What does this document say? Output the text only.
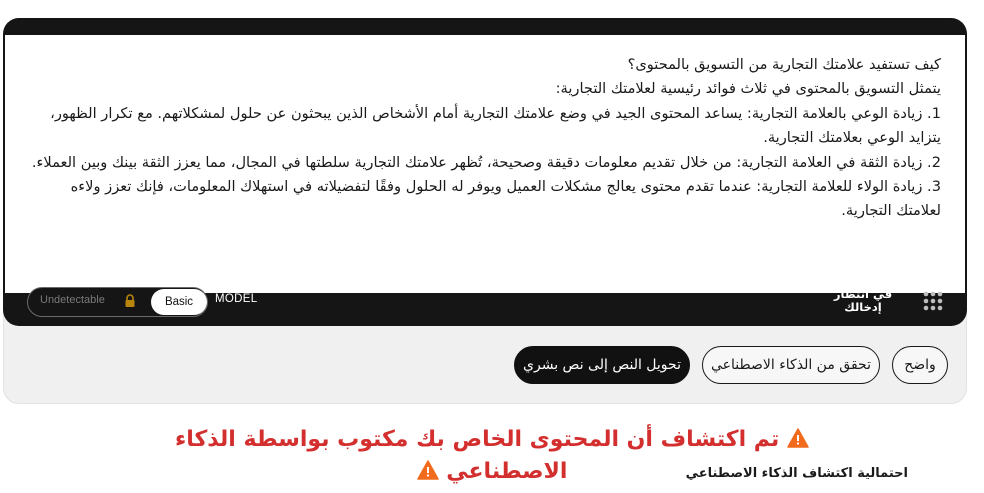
كيف تستفيد علامتك التجارية من التسويق بالمحتوى؟

يتمثل التسويق بالمحتوى في ثلاث فوائد رئيسية لعلامتك التجارية:

1. زيادة الوعي بالعلامة التجارية: يساعد المحتوى الجيد في وضع علامتك التجارية أمام الأشخاص الذين يبحثون عن حلول لمشكلاتهم. مع تكرار الظهور، يتزايد الوعي بعلامتك التجارية.

2. زيادة الثقة في العلامة التجارية: من خلال تقديم معلومات دقيقة وصحيحة، تُظهر علامتك التجارية سلطتها في المجال، مما يعزز الثقة بينك وبين العملاء.

3. زيادة الولاء للعلامة التجارية: عندما تقدم محتوى يعالج مشكلات العميل ويوفر له الحلول وفقًا لتفضيلاته في استهلاك المعلومات، فإنك تعزز ولاءه لعلامتك التجارية.

Undetectable	Basic	MODEL	في انتظار إدخالك
تحويل النص إلى نص بشري	تحقق من الذكاء الاصطناعي	واضح
تم اكتشاف أن المحتوى الخاص بك مكتوب بواسطة الذكاء الاصطناعي	احتمالية اكتشاف الذكاء الاصطناعي
